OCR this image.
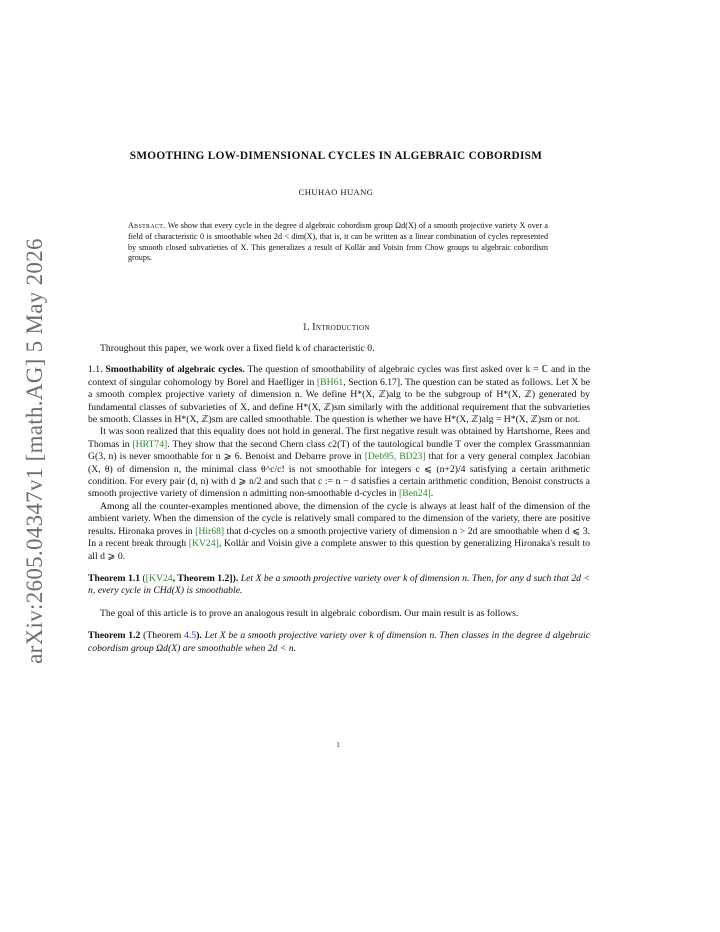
arXiv:2605.04347v1 [math.AG] 5 May 2026
SMOOTHING LOW-DIMENSIONAL CYCLES IN ALGEBRAIC COBORDISM
CHUHAO HUANG
Abstract. We show that every cycle in the degree d algebraic cobordism group Ωd(X) of a smooth projective variety X over a field of characteristic 0 is smoothable when 2d < dim(X), that is, it can be written as a linear combination of cycles represented by smooth closed subvarieties of X. This generalizes a result of Kollár and Voisin from Chow groups to algebraic cobordism groups.
1. Introduction

Throughout this paper, we work over a fixed field k of characteristic 0.

1.1. Smoothability of algebraic cycles. The question of smoothability of algebraic cycles was first asked over k = ℂ and in the context of singular cohomology by Borel and Haefliger in [BH61, Section 6.17]. The question can be stated as follows. Let X be a smooth complex projective variety of dimension n. We define H*(X, ℤ)alg to be the subgroup of H*(X, ℤ) generated by fundamental classes of subvarieties of X, and define H*(X, ℤ)sm similarly with the additional requirement that the subvarieties be smooth. Classes in H*(X, ℤ)sm are called smoothable. The question is whether we have H*(X, ℤ)alg = H*(X, ℤ)sm or not.

It was soon realized that this equality does not hold in general. The first negative result was obtained by Hartshorne, Rees and Thomas in [HRT74]. They show that the second Chern class c2(T) of the tautological bundle T over the complex Grassmannian G(3, n) is never smoothable for n ⩾ 6. Benoist and Debarre prove in [Deb95, BD23] that for a very general complex Jacobian (X, θ) of dimension n, the minimal class θ^c/c! is not smoothable for integers c ⩽ (n+2)/4 satisfying a certain arithmetic condition. For every pair (d, n) with d ⩾ n/2 and such that c := n − d satisfies a certain arithmetic condition, Benoist constructs a smooth projective variety of dimension n admitting non-smoothable d-cycles in [Ben24].

Among all the counter-examples mentioned above, the dimension of the cycle is always at least half of the dimension of the ambient variety. When the dimension of the cycle is relatively small compared to the dimension of the variety, there are positive results. Hironaka proves in [Hir68] that d-cycles on a smooth projective variety of dimension n > 2d are smoothable when d ⩽ 3. In a recent break through [KV24], Kollár and Voisin give a complete answer to this question by generalizing Hironaka's result to all d ⩾ 0.

Theorem 1.1 ([KV24, Theorem 1.2]). Let X be a smooth projective variety over k of dimension n. Then, for any d such that 2d < n, every cycle in CHd(X) is smoothable.

The goal of this article is to prove an analogous result in algebraic cobordism. Our main result is as follows.

Theorem 1.2 (Theorem 4.5). Let X be a smooth projective variety over k of dimension n. Then classes in the degree d algebraic cobordism group Ωd(X) are smoothable when 2d < n.

1
